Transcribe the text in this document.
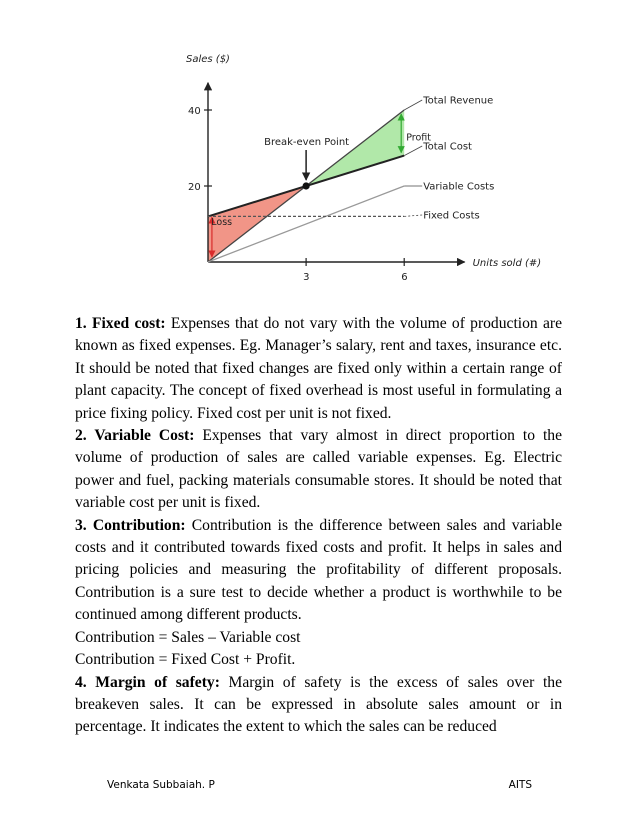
Sales ($)
Units sold (#)
20
40
3	6
Total Revenue
Total Cost
Variable Costs
Fixed Costs
Break-even Point
Loss
Profit

1. Fixed cost: Expenses that do not vary with the volume of production are known as fixed expenses. Eg. Manager’s salary, rent and taxes, insurance etc. It should be noted that fixed changes are fixed only within a certain range of plant capacity. The concept of fixed overhead is most useful in formulating a price fixing policy. Fixed cost per unit is not fixed.

2. Variable Cost: Expenses that vary almost in direct proportion to the volume of production of sales are called variable expenses. Eg. Electric power and fuel, packing materials consumable stores. It should be noted that variable cost per unit is fixed.

3. Contribution: Contribution is the difference between sales and variable costs and it contributed towards fixed costs and profit. It helps in sales and pricing policies and measuring the profitability of different proposals. Contribution is a sure test to decide whether a product is worthwhile to be continued among different products.

Contribution = Sales – Variable cost

Contribution = Fixed Cost + Profit.

4. Margin of safety: Margin of safety is the excess of sales over the breakeven sales. It can be expressed in absolute sales amount or in percentage. It indicates the extent to which the sales can be reduced

Venkata Subbaiah. P	AITS
